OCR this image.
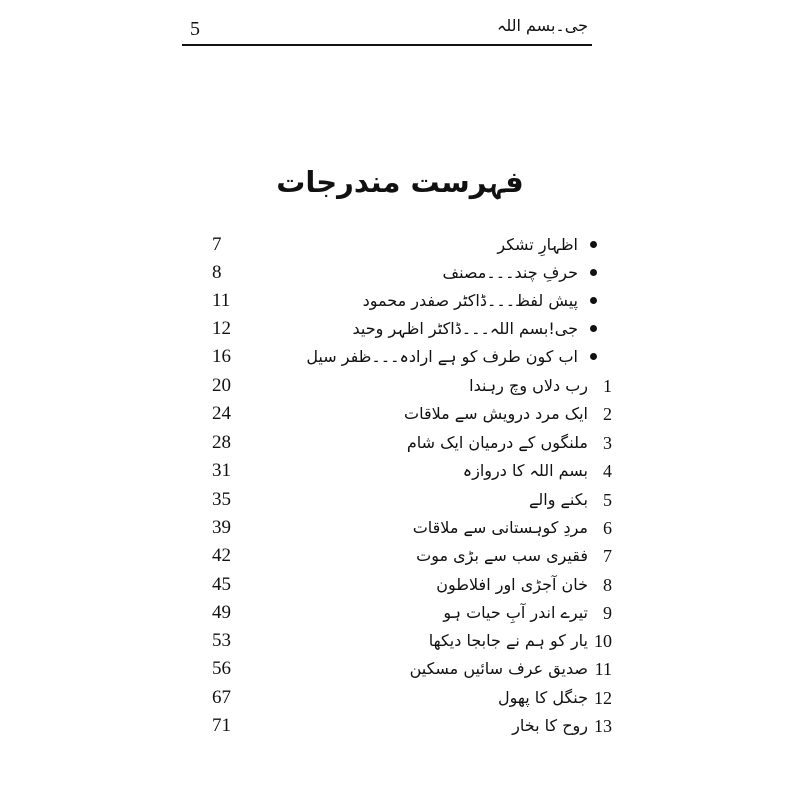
5	جی۔بسم اللہ
فہرست مندرجات
7	اظہارِ تشکر
8	حرفِ چند۔۔۔مصنف
11	پیش لفظ۔۔۔ڈاکٹر صفدر محمود
12	جی!بسم اللہ۔۔۔ڈاکٹر اظہر وحید
16	اب کون طرف کو ہے ارادہ۔۔۔ظفر سیل
20	رب دلاں وچ رہندا 1
24	ایک مرد درویش سے ملاقات 2
28	ملنگوں کے درمیان ایک شام 3
31	بسم اللہ کا دروازہ 4
35	بکنے والے 5
39	مردِ کوہستانی سے ملاقات 6
42	فقیری سب سے بڑی موت 7
45	خان آجڑی اور افلاطون 8
49	تیرے اندر آبِ حیات ہو 9
53	یار کو ہم نے جابجا دیکھا 10
56	صدیق عرف سائیں مسکین 11
67	جنگل کا پھول 12
71	روح کا بخار 13
